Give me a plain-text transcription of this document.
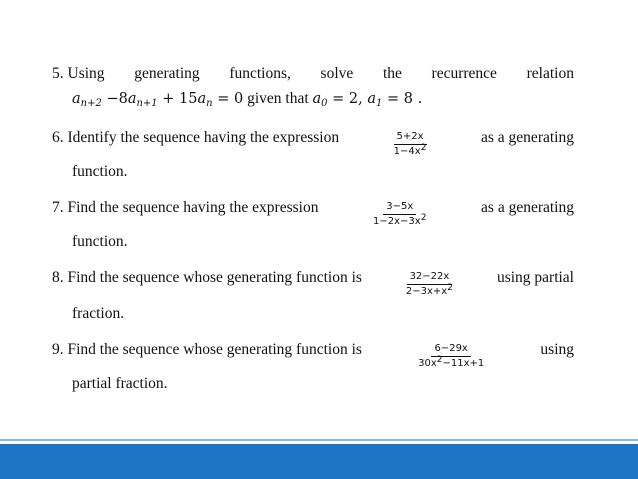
5. Using generating functions, solve the recurrence relation
$a_{n+2} -8a_{n+1} + 15a_n = 0$ given that $a_0 = 2$, $a_1 = 8$ .
6. Identify the sequence having the expression	$\frac{5+2x}{1-4x^2}$	as a generating
function.
7. Find the sequence having the expression	$\frac{3-5x}{1-2x-3x^2}$	as a generating
function.
8. Find the sequence whose generating function is	$\frac{32-22x}{2-3x+x^2}$	using partial
fraction.
9. Find the sequence whose generating function is	$\frac{6-29x}{30x^2-11x+1}$	using
partial fraction.
